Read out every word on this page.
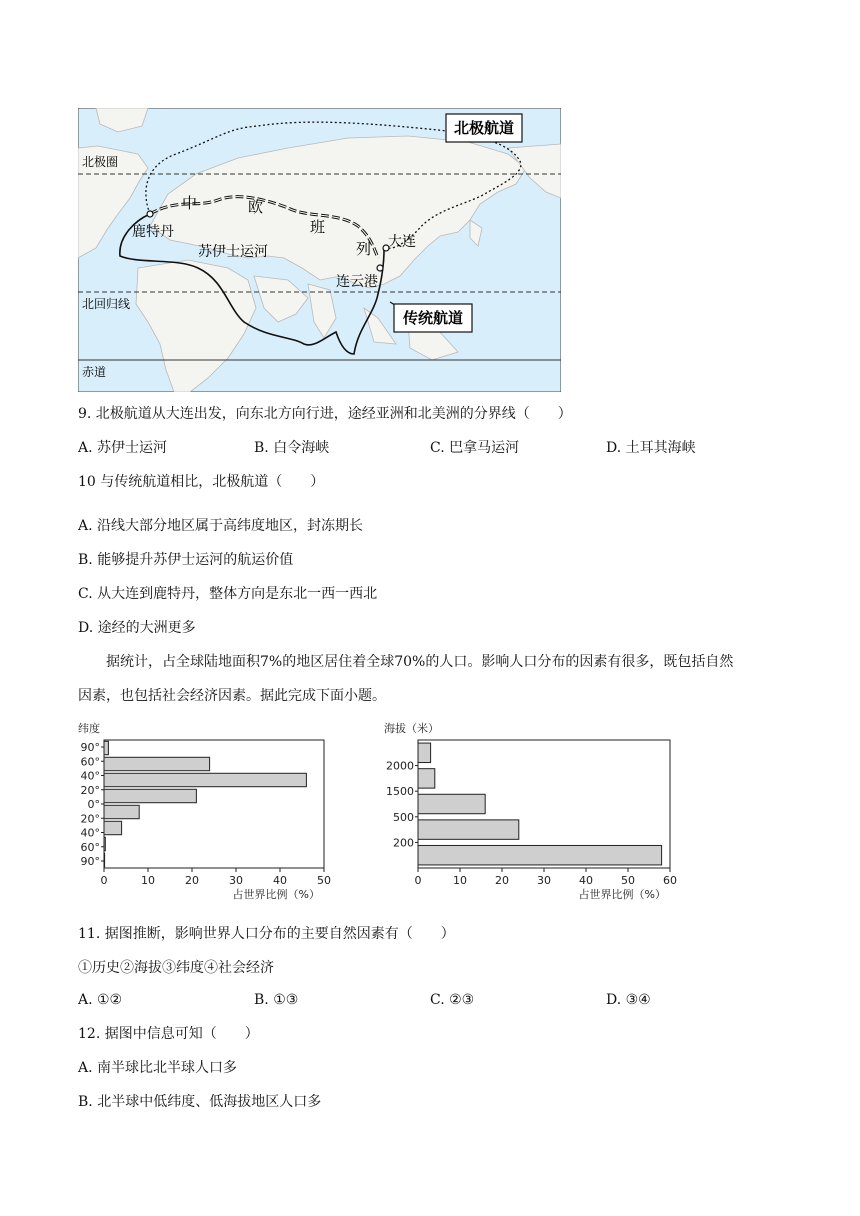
北极航道
传统航道
北极圈
北回归线
赤道
鹿特丹
苏伊士运河
大连
连云港
中	欧
班
列
9. 北极航道从大连出发，向东北方向行进，途经亚洲和北美洲的分界线（　　）
A. 苏伊士运河	B. 白令海峡	C. 巴拿马运河	D. 土耳其海峡
10 与传统航道相比，北极航道（　　）
A. 沿线大部分地区属于高纬度地区，封冻期长
B. 能够提升苏伊士运河的航运价值
C. 从大连到鹿特丹，整体方向是东北一西一西北
D. 途经的大洲更多
据统计，占全球陆地面积7%的地区居住着全球70%的人口。影响人口分布的因素有很多，既包括自然
因素，也包括社会经济因素。据此完成下面小题。
纬度
90°
60°
40°
20°
0°
20°
40°
60°
90°
0	10	20	30	40	50
占世界比例（%）
海拔（米）
2000
1500
500
200
0	10	20	30	40	50	60
占世界比例（%）
11. 据图推断，影响世界人口分布的主要自然因素有（　　）
①历史②海拔③纬度④社会经济
A. ①②	B. ①③	C. ②③	D. ③④
12. 据图中信息可知（　　）
A. 南半球比北半球人口多
B. 北半球中低纬度、低海拔地区人口多
